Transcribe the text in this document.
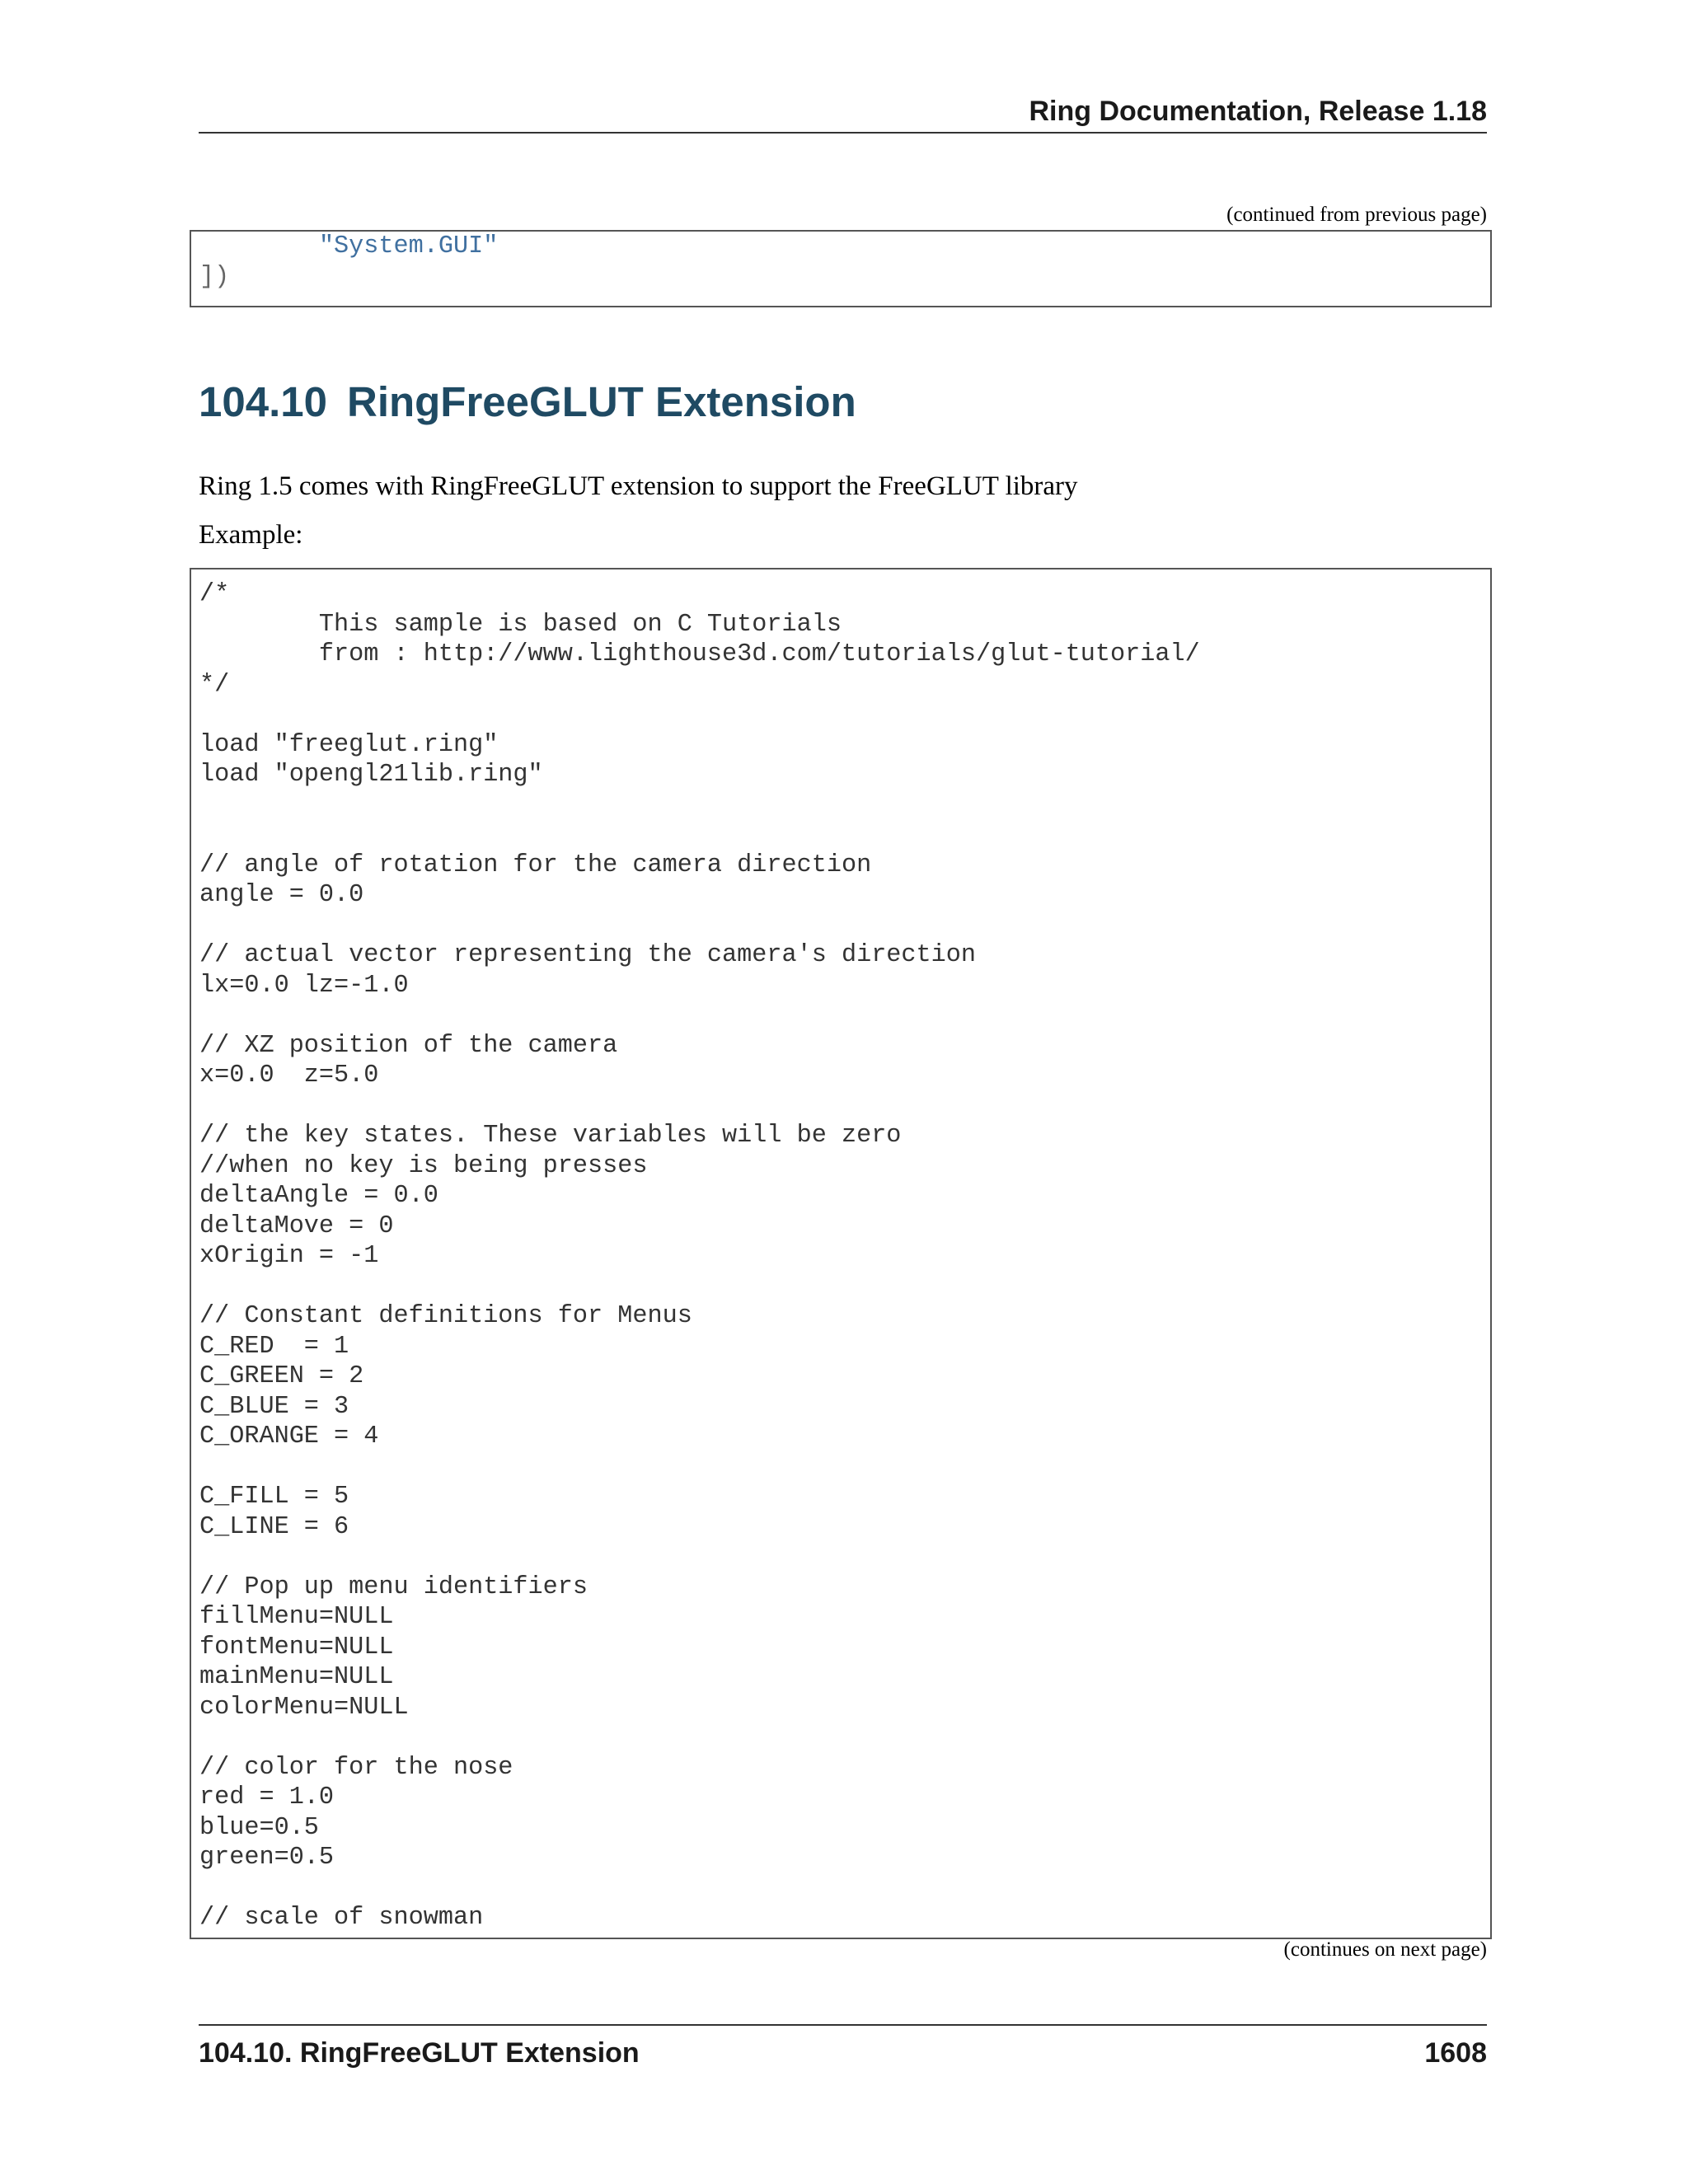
Ring Documentation, Release 1.18
(continued from previous page)
"System.GUI"
])
104.10 RingFreeGLUT Extension

Ring 1.5 comes with RingFreeGLUT extension to support the FreeGLUT library

Example:

/*
This sample is based on C Tutorials
from : http://www.lighthouse3d.com/tutorials/glut-tutorial/
*/

load "freeglut.ring"
load "opengl21lib.ring"

// angle of rotation for the camera direction
angle = 0.0

// actual vector representing the camera's direction
lx=0.0 lz=-1.0

// XZ position of the camera
x=0.0  z=5.0

// the key states. These variables will be zero
//when no key is being presses
deltaAngle = 0.0
deltaMove = 0
xOrigin = -1

// Constant definitions for Menus
C_RED  = 1
C_GREEN = 2
C_BLUE = 3
C_ORANGE = 4

C_FILL = 5
C_LINE = 6

// Pop up menu identifiers
fillMenu=NULL
fontMenu=NULL
mainMenu=NULL
colorMenu=NULL

// color for the nose
red = 1.0
blue=0.5
green=0.5

// scale of snowman
(continues on next page)
104.10. RingFreeGLUT Extension	1608
